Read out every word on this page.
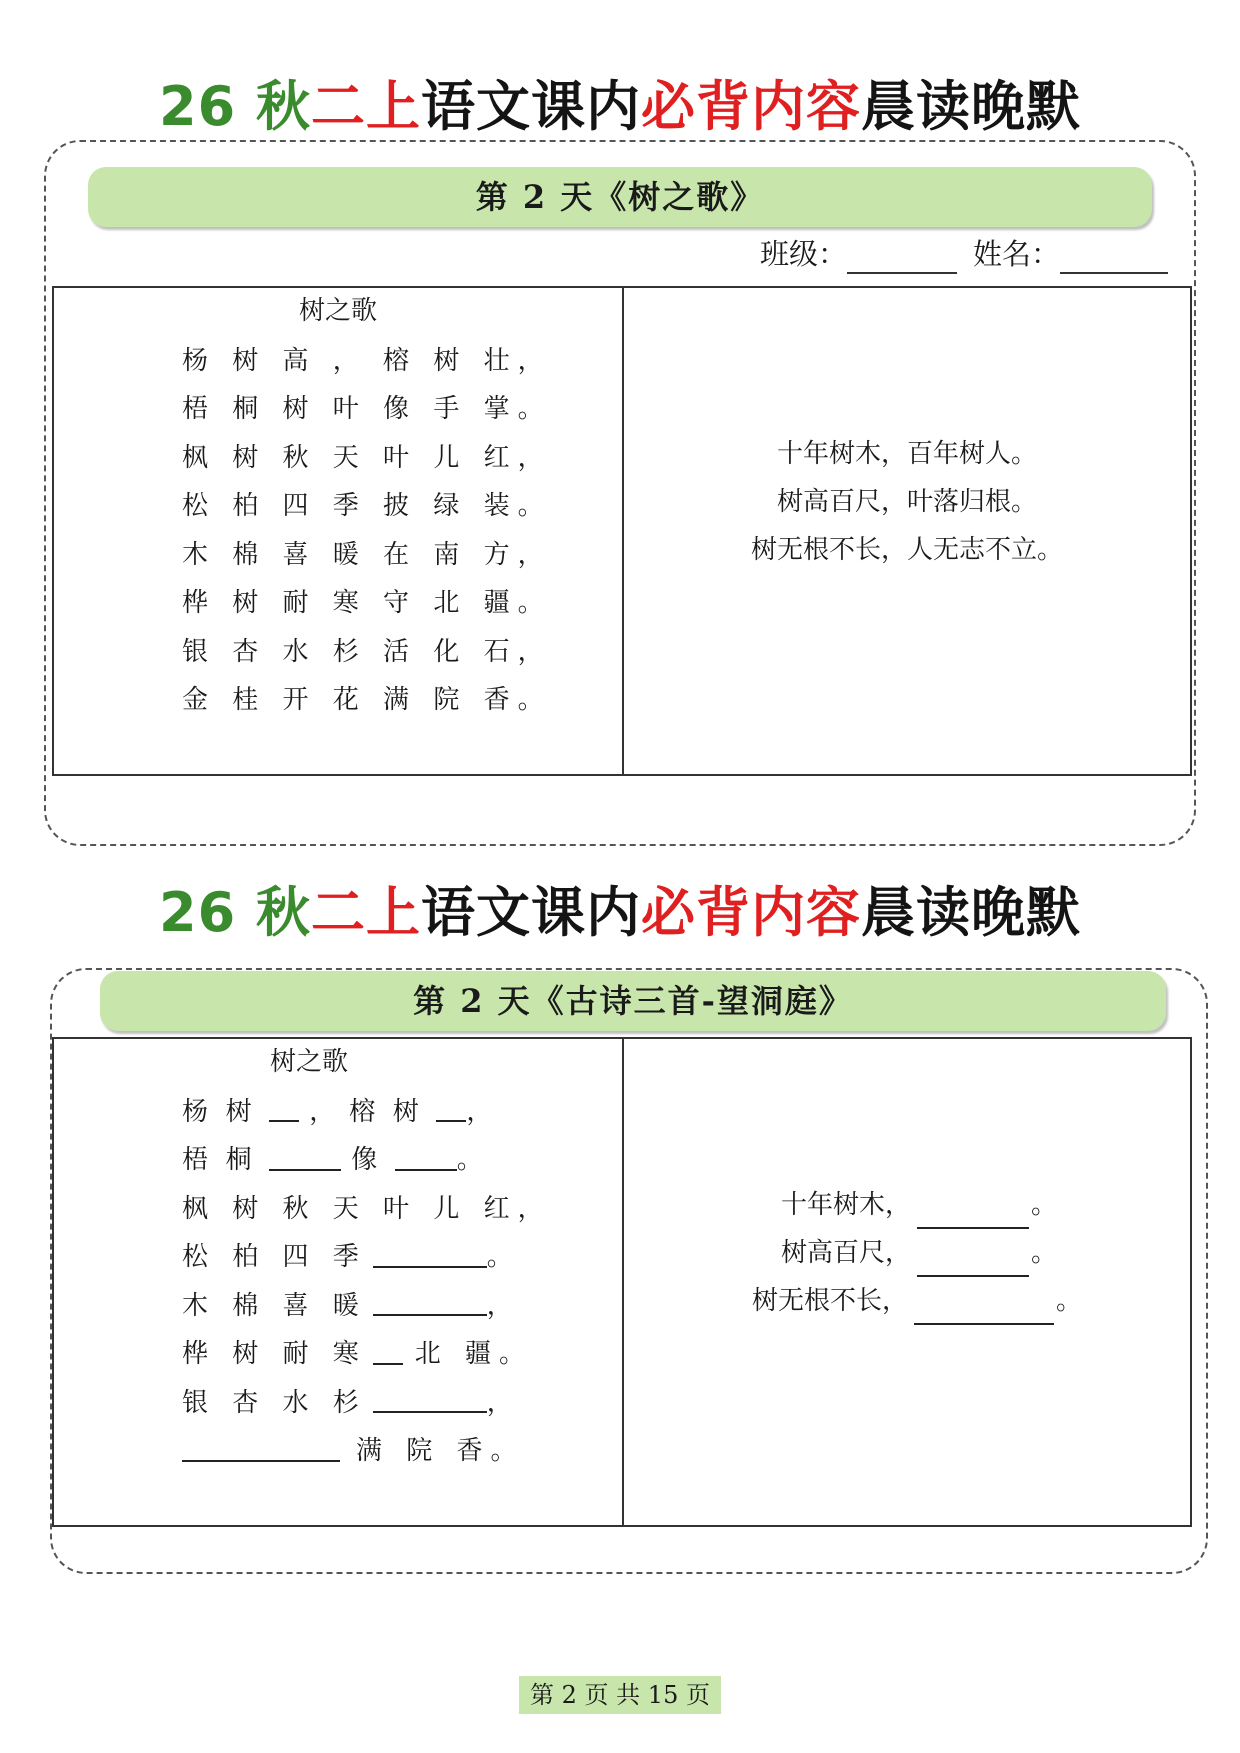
26 秋二上语文课内必背内容晨读晚默
第 2 天《树之歌》
班级：	姓名：
树之歌
杨 树 高 ， 榕 树 壮，
梧 桐 树 叶 像 手 掌。
枫 树 秋 天 叶 儿 红，
松 柏 四 季 披 绿 装。
木 棉 喜 暖 在 南 方，
桦 树 耐 寒 守 北 疆。
银 杏 水 杉 活 化 石，
金 桂 开 花 满 院 香。
十年树木，百年树人。
树高百尺，叶落归根。
树无根不长，人无志不立。
26 秋二上语文课内必背内容晨读晚默
第 2 天《古诗三首-望洞庭》
树之歌
杨 树	， 榕 树	，
梧 桐	像	。
枫 树 秋 天 叶 儿 红，
松 柏 四 季	。
木 棉 喜 暖	，
桦 树 耐 寒 北 疆。
银 杏 水 杉	，
满 院 香。
十年树木，	。
树高百尺，	。
树无根不长，	。
第 2 页 共 15 页
